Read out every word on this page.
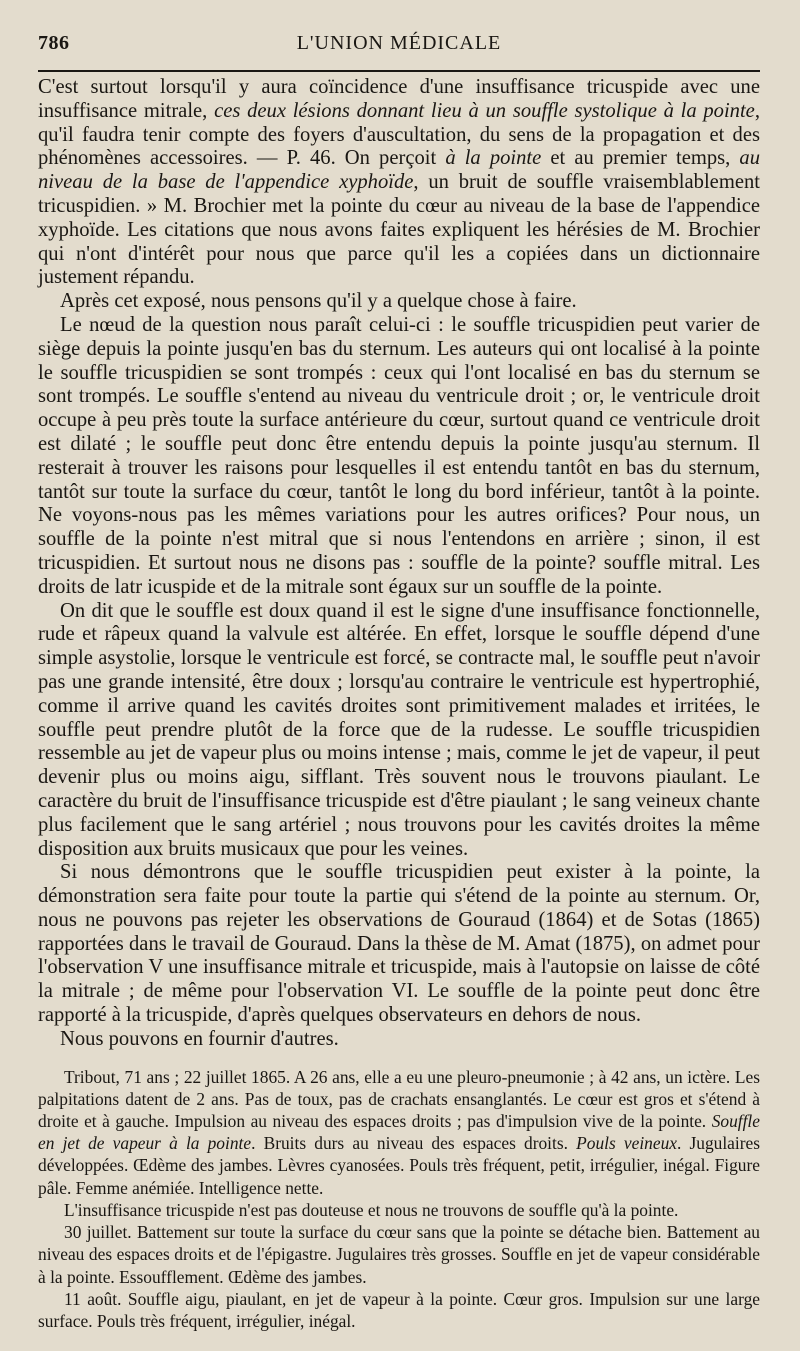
786	L'UNION MÉDICALE

C'est surtout lorsqu'il y aura coïncidence d'une insuffisance tricuspide avec une insuffisance mitrale, ces deux lésions donnant lieu à un souffle systolique à la pointe, qu'il faudra tenir compte des foyers d'auscultation, du sens de la propagation et des phénomènes accessoires. — P. 46. On perçoit à la pointe et au premier temps, au niveau de la base de l'appendice xyphoïde, un bruit de souffle vraisemblablement tricuspidien. » M. Brochier met la pointe du cœur au niveau de la base de l'appendice xyphoïde. Les citations que nous avons faites expliquent les hérésies de M. Brochier qui n'ont d'intérêt pour nous que parce qu'il les a copiées dans un dictionnaire justement répandu.

Après cet exposé, nous pensons qu'il y a quelque chose à faire.

Le nœud de la question nous paraît celui-ci : le souffle tricuspidien peut varier de siège depuis la pointe jusqu'en bas du sternum. Les auteurs qui ont localisé à la pointe le souffle tricuspidien se sont trompés : ceux qui l'ont localisé en bas du sternum se sont trompés. Le souffle s'entend au niveau du ventricule droit ; or, le ventricule droit occupe à peu près toute la surface antérieure du cœur, surtout quand ce ventricule droit est dilaté ; le souffle peut donc être entendu depuis la pointe jusqu'au sternum. Il resterait à trouver les raisons pour lesquelles il est entendu tantôt en bas du sternum, tantôt sur toute la surface du cœur, tantôt le long du bord inférieur, tantôt à la pointe. Ne voyons-nous pas les mêmes variations pour les autres orifices? Pour nous, un souffle de la pointe n'est mitral que si nous l'entendons en arrière ; sinon, il est tricuspidien. Et surtout nous ne disons pas : souffle de la pointe? souffle mitral. Les droits de latr icuspide et de la mitrale sont égaux sur un souffle de la pointe.

On dit que le souffle est doux quand il est le signe d'une insuffisance fonctionnelle, rude et râpeux quand la valvule est altérée. En effet, lorsque le souffle dépend d'une simple asystolie, lorsque le ventricule est forcé, se contracte mal, le souffle peut n'avoir pas une grande intensité, être doux ; lorsqu'au contraire le ventricule est hypertrophié, comme il arrive quand les cavités droites sont primitivement malades et irritées, le souffle peut prendre plutôt de la force que de la rudesse. Le souffle tricuspidien ressemble au jet de vapeur plus ou moins intense ; mais, comme le jet de vapeur, il peut devenir plus ou moins aigu, sifflant. Très souvent nous le trouvons piaulant. Le caractère du bruit de l'insuffisance tricuspide est d'être piaulant ; le sang veineux chante plus facilement que le sang artériel ; nous trouvons pour les cavités droites la même disposition aux bruits musicaux que pour les veines.

Si nous démontrons que le souffle tricuspidien peut exister à la pointe, la démonstration sera faite pour toute la partie qui s'étend de la pointe au sternum. Or, nous ne pouvons pas rejeter les observations de Gouraud (1864) et de Sotas (1865) rapportées dans le travail de Gouraud. Dans la thèse de M. Amat (1875), on admet pour l'observation V une insuffisance mitrale et tricuspide, mais à l'autopsie on laisse de côté la mitrale ; de même pour l'observation VI. Le souffle de la pointe peut donc être rapporté à la tricuspide, d'après quelques observateurs en dehors de nous.

Nous pouvons en fournir d'autres.

Tribout, 71 ans ; 22 juillet 1865. A 26 ans, elle a eu une pleuro-pneumonie ; à 42 ans, un ictère. Les palpitations datent de 2 ans. Pas de toux, pas de crachats ensanglantés. Le cœur est gros et s'étend à droite et à gauche. Impulsion au niveau des espaces droits ; pas d'impulsion vive de la pointe. Souffle en jet de vapeur à la pointe. Bruits durs au niveau des espaces droits. Pouls veineux. Jugulaires développées. Œdème des jambes. Lèvres cyanosées. Pouls très fréquent, petit, irrégulier, inégal. Figure pâle. Femme anémiée. Intelligence nette.

L'insuffisance tricuspide n'est pas douteuse et nous ne trouvons de souffle qu'à la pointe.

30 juillet. Battement sur toute la surface du cœur sans que la pointe se détache bien. Battement au niveau des espaces droits et de l'épigastre. Jugulaires très grosses. Souffle en jet de vapeur considérable à la pointe. Essoufflement. Œdème des jambes.

11 août. Souffle aigu, piaulant, en jet de vapeur à la pointe. Cœur gros. Impulsion sur une large surface. Pouls très fréquent, irrégulier, inégal.
